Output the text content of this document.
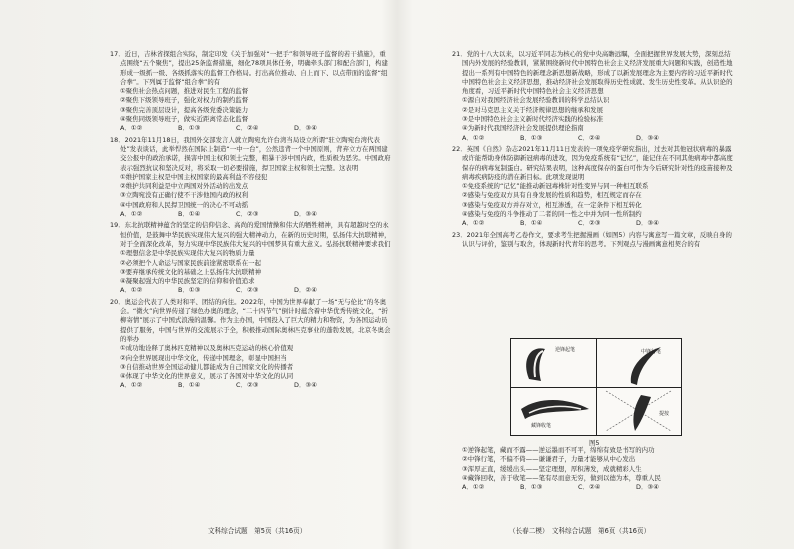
17．近日，吉林省探组合实际，制定印发《关于加强对“一把手”和领导班子监督的若干措施》，重点围绕“五个聚焦”，提出25条监督措施，细化78项具体任务，明确牵头部门和配合部门，构建形成一级抓一级、各级抓落实的监督工作格局。打出高位推动、自上而下、以点带面的监督“组合拳”。下列属于监督“组合拳”的有
①聚焦社会热点问题，推进对民生工程的监督
②聚焦下级领导班子，强化对权力的制约监督
③聚焦完善顶层设计，提高各级党委决策能力
④聚焦同级领导班子，做实近距离常态化监督
A．①②	B．①③	C．②④	D．③④
18．2021年11月18日，我国外交部发言人就立陶宛允许台湾当局设立所谓“驻立陶宛台湾代表处”发表谈话，此举悍然在国际上制造“一中一台”，公然违背一个中国原则，背弃立方在两国建交公报中的政治承诺，损害中国主权和领土完整，粗暴干涉中国内政，性质极为恶劣。中国政府表示强烈抗议和坚决反对，将采取一切必要措施，捍卫国家主权和领土完整。这表明
①维护国家主权是中国主权国家的最高利益不容侵犯
②维护共同利益是中立两国对外活动的出发点
③立陶宛没有正确行使不干涉他国内政的权利
④中国政府和人民捍卫国统一的决心不可动摇
A．①②	B．①④	C．②③	D．③④
19．东北抗联精神蕴含的坚定的信仰信念、高尚的爱国情操和伟大的牺牲精神，具有超越时空的永恒价值，是鼓舞中华民族实现伟大复兴的强大精神动力，在新的历史时期，弘扬伟大抗联精神，对于全面深化改革，努力实现中华民族伟大复兴的中国梦具有重大意义。弘扬抗联精神要求我们
①理想信念是中华民族实现伟大复兴的物质力量
②必须把个人命运与国家民族前途紧密联系在一起
③要弃继承传统文化的基础之上弘扬伟大抗联精神
④凝聚起强大的中华民族坚定的信仰和价值追求
A．①②	B．①③	C．②③	D．②④
20．奥运会代表了人类对和平、团结的向往。2022年，中国为世界奉献了一场“无与伦比”的冬奥会。“微火”向世界传递了绿色办奥的理念，“二十四节气”倒计时蕴含着中华优秀传统文化，“折柳寄情”展示了中国式浪漫的温馨。作为主办国，中国投入了巨大的精力和物资，为各国运动员提供了服务，中国与世界的交流展示于全，积极推动国际奥林匹克事业的蓬勃发展，北京冬奥会的举办
①成功地诠释了奥林匹克精神以及奥林匹克运动的核心价值观
②向全世界展现出中华文化，传递中国理念，彰显中国担当
③自信推动世界全国运动健儿都能成为自己国家文化的传播者
④体现了中华文化的世界意义，展示了各国对中华文化的认同
A．①②	B．①④	C．②③	D．③④
文科综合试题　第5页（共16页）
21．党的十八大以来，以习近平同志为核心的党中央高瞻远瞩，全面把握世界发展大势，深刻总结国内外发展的经验教训，紧紧围绕新时代中国特色社会主义经济发展重大问题和实践，创造性地提出一系列有中国特色的新理念新思想新战略，形成了以新发展理念为主要内容的习近平新时代中国特色社会主义经济思想，推动经济社会发展取得历史性成就、发生历史性变革。从认识论的角度看，习近平新时代中国特色社会主义经济思想
①源自对我国经济社会发展经验教训的科学总结认识
②是对马克思主义关于经济规律思想的继承和发展
③是中国特色社会主义新时代经济实践的检验标准
④为新时代我国经济社会发展提供理论指南
A．①②	B．①③	C．②④	D．③④
22．英国《自然》杂志2021年11月11日发表的一项免疫学研究指出，过去对其他冠状病毒的暴露或许能帮助身体防御新冠病毒的进攻，因为免疫系统有“记忆”，能记住在不同其他病毒中都高度保存的病毒复制蛋白。研究结果表明，这种高度保存的蛋白可作为今后研究针对性的疫苗接种及病毒疾病防疫的潜在新目标。此项发现说明
①免疫系统的“记忆”能推动新冠毒株针对性变异与同一种相互联系
②感染与免疫双方具有自身发展的性质和趋势，相互规定而存在
③感染与免疫双方并存对立，相互渗透，在一定条件下相互转化
④感染与免疫的斗争推动了二者的同一性之中并为同一性所制约
A．①②	B．①④	C．②③	D．③④
23．2021年全国高考乙卷作文，要求考生把握漫画（如图5）内容与寓意写一篇文章，反映自身的认识与评价，鉴别与取舍，体现新时代青年的思考。下列观点与漫画寓意相契合的有
逆锋起笔	中锋行笔
藏锋收笔
提按
图5
①逆锋起笔，藏而不露——逆运墨而不可平，绵绵有致是书写的内功
②中锋行笔，不偏不倚——谦谦君子，力量才能够从中心发出
③浑厚正直，缓缓出头——坚定理想，厚积薄发，成就精彩人生
④藏锋回收，善于收笔——笔有尽而意无穷，做到以德为本，尊重人民
A．①②	B．①③	C．②④	D．③④
（长春二模）　文科综合试题　第6页（共16页）
